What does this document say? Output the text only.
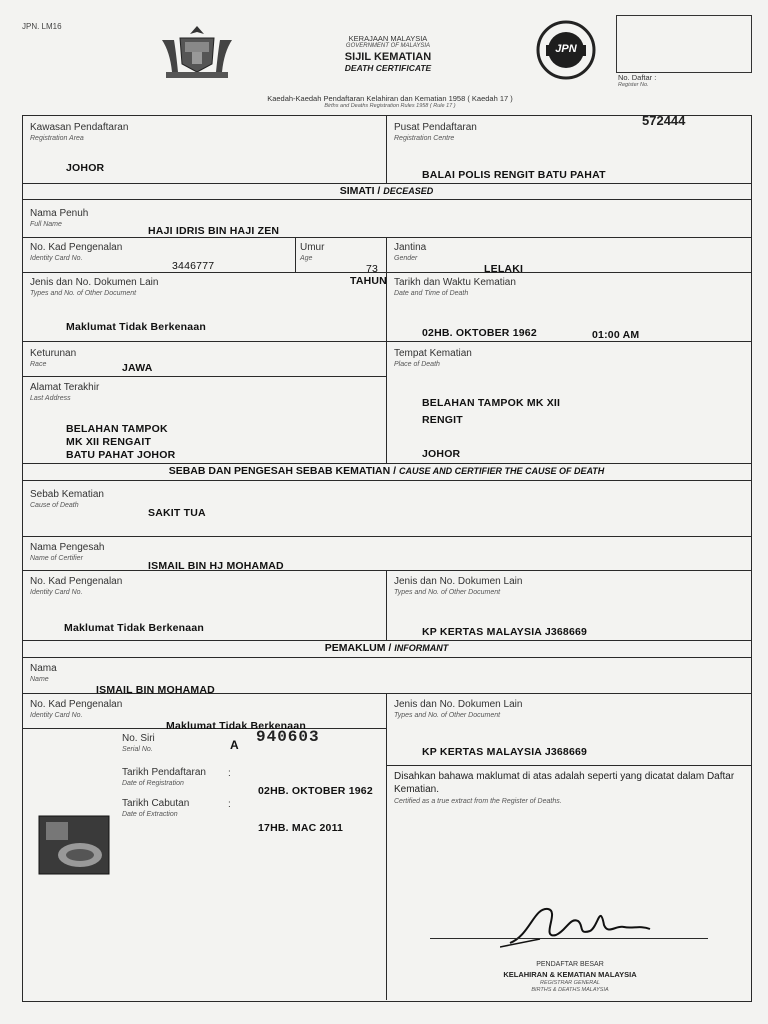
JPN. LM16
KERAJAAN MALAYSIA
GOVERNMENT OF MALAYSIA
SIJIL KEMATIAN
DEATH CERTIFICATE
Kaedah-Kaedah Pendaftaran Kelahiran dan Kematian 1958 ( Kaedah 17 )
Births and Deaths Registration Rules 1958 ( Rule 17 )
JPN
No. Daftar :
Register No.
Kawasan Pendaftaran
Registration Area
JOHOR
Pusat Pendaftaran
Registration Centre
BALAI POLIS RENGIT BATU PAHAT
572444
SIMATI / DECEASED
Nama Penuh
Full Name
HAJI IDRIS BIN HAJI ZEN
No. Kad Pengenalan
Identity Card No.
3446777
Umur
Age
73
TAHUN
Jantina
Gender
LELAKI
Jenis dan No. Dokumen Lain
Types and No. of Other Document
Maklumat Tidak Berkenaan
Tarikh dan Waktu Kematian
Date and Time of Death
02HB. OKTOBER 1962	01:00 AM
Keturunan
Race	JAWA
Tempat Kematian
Place of Death
BELAHAN TAMPOK MK XII
RENGIT
JOHOR
Alamat Terakhir
Last Address
BELAHAN TAMPOK
MK XII RENGAIT
BATU PAHAT JOHOR
SEBAB DAN PENGESAH SEBAB KEMATIAN / CAUSE AND CERTIFIER THE CAUSE OF DEATH
Sebab Kematian
Cause of Death
SAKIT TUA
Nama Pengesah
Name of Certifier
ISMAIL BIN HJ MOHAMAD
No. Kad Pengenalan
Identity Card No.
Maklumat Tidak Berkenaan
Jenis dan No. Dokumen Lain
Types and No. of Other Document
KP KERTAS MALAYSIA J368669
PEMAKLUM / INFORMANT
Nama
Name
ISMAIL BIN MOHAMAD
No. Kad Pengenalan
Identity Card No.
Maklumat Tidak Berkenaan
Jenis dan No. Dokumen Lain
Types and No. of Other Document
KP KERTAS MALAYSIA J368669
No. Siri
Serial No.	A 940603
Tarikh Pendaftaran
Date of Registration
:
02HB. OKTOBER 1962
Tarikh Cabutan
Date of Extraction
:
17HB. MAC 2011
Disahkan bahawa maklumat di atas adalah seperti yang dicatat dalam Daftar Kematian.
Certified as a true extract from the Register of Deaths.
PENDAFTAR BESAR
KELAHIRAN & KEMATIAN MALAYSIA
REGISTRAR GENERAL
BIRTHS & DEATHS MALAYSIA
